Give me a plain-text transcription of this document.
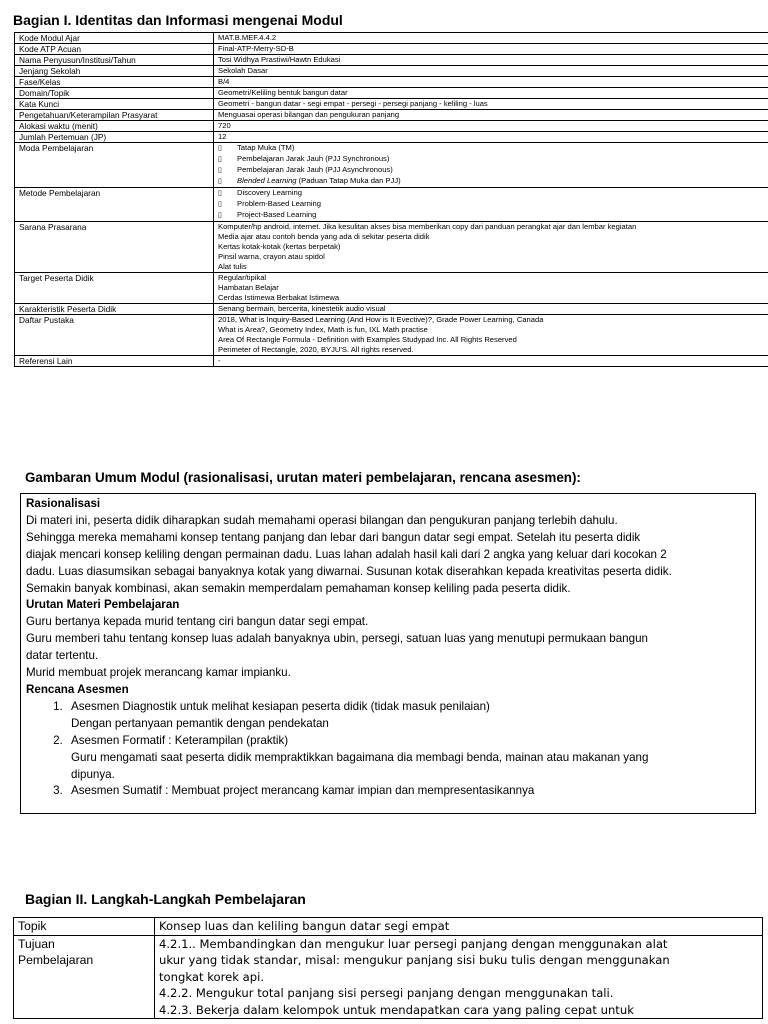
Bagian I. Identitas dan Informasi mengenai Modul
Kode Modul Ajar	MAT.B.MEF.4.4.2
Kode ATP Acuan	Final-ATP-Merry-SD-B
Nama Penyusun/Institusi/Tahun	Tosi Widhya Prastiwi/Hawtn Edukasi
Jenjang Sekolah	Sekolah Dasar
Fase/Kelas	B/4
Domain/Topik	Geometri/Keliling bentuk bangun datar
Kata Kunci	Geometri - bangun datar - segi empat - persegi - persegi panjang - keliling - luas
Pengetahuan/Keterampilan Prasyarat	Menguasai operasi bilangan dan pengukuran panjang
Alokasi waktu (menit)	720
Jumlah Pertemuan (JP)	12
Moda Pembelajaran	▯ Tatap Muka (TM)
▯ Pembelajaran Jarak Jauh (PJJ Synchronous)
▯ Pembelajaran Jarak Jauh (PJJ Asynchronous)
▯ Blended Learning (Paduan Tatap Muka dan PJJ)

Metode Pembelajaran	▯ Discovery Learning
▯ Problem-Based Learning
▯ Project-Based Learning

Sarana Prasarana	Komputer/hp android, internet. Jika kesulitan akses bisa memberikan copy dari panduan perangkat ajar dan lembar kegiatan
Media ajar atau contoh benda yang ada di sekitar peserta didik
Kertas kotak-kotak (kertas berpetak)
Pinsil warna, crayon atau spidol
Alat tulis

Target Peserta Didik	Regular/tipikal
Hambatan Belajar
Cerdas Istimewa Berbakat Istimewa

Karakteristik Peserta Didik	Senang bermain, bercerita, kinestetik audio visual
Daftar Pustaka	2018, What is Inquiry-Based Learning (And How is It Evective)?, Grade Power Learning, Canada
What is Area?, Geometry Index, Math is fun, IXL Math practise
Area Of Rectangle Formula - Definition with Examples Studypad Inc. All Rights Reserved
Perimeter of Rectangle, 2020, BYJU'S. All rights reserved.

Referensi Lain	-
Gambaran Umum Modul (rasionalisasi, urutan materi pembelajaran, rencana asesmen):
Rasionalisasi
Di materi ini, peserta didik diharapkan sudah memahami operasi bilangan dan pengukuran panjang terlebih dahulu.
Sehingga mereka memahami konsep tentang panjang dan lebar dari bangun datar segi empat. Setelah itu peserta didik
diajak mencari konsep keliling dengan permainan dadu. Luas lahan adalah hasil kali dari 2 angka yang keluar dari kocokan 2
dadu. Luas diasumsikan sebagai banyaknya kotak yang diwarnai. Susunan kotak diserahkan kepada kreativitas peserta didik.
Semakin banyak kombinasi, akan semakin memperdalam pemahaman konsep keliling pada peserta didik.
Urutan Materi Pembelajaran
Guru bertanya kepada murid tentang ciri bangun datar segi empat.
Guru memberi tahu tentang konsep luas adalah banyaknya ubin, persegi, satuan luas yang menutupi permukaan bangun
datar tertentu.
Murid membuat projek merancang kamar impianku.
Rencana Asesmen
1. Asesmen Diagnostik untuk melihat kesiapan peserta didik (tidak masuk penilaian)
Dengan pertanyaan pemantik dengan pendekatan
2. Asesmen Formatif : Keterampilan (praktik)
Guru mengamati saat peserta didik mempraktikkan bagaimana dia membagi benda, mainan atau makanan yang
dipunya.
3. Asesmen Sumatif : Membuat project merancang kamar impian dan mempresentasikannya
Bagian II. Langkah-Langkah Pembelajaran
Topik	Konsep luas dan keliling bangun datar segi empat

Tujuan
Pembelajaran	4.2.1.. Membandingkan dan mengukur luar persegi panjang dengan menggunakan alat
ukur yang tidak standar, misal: mengukur panjang sisi buku tulis dengan menggunakan
tongkat korek api.
4.2.2. Mengukur total panjang sisi persegi panjang dengan menggunakan tali.
4.2.3. Bekerja dalam kelompok untuk mendapatkan cara yang paling cepat untuk
